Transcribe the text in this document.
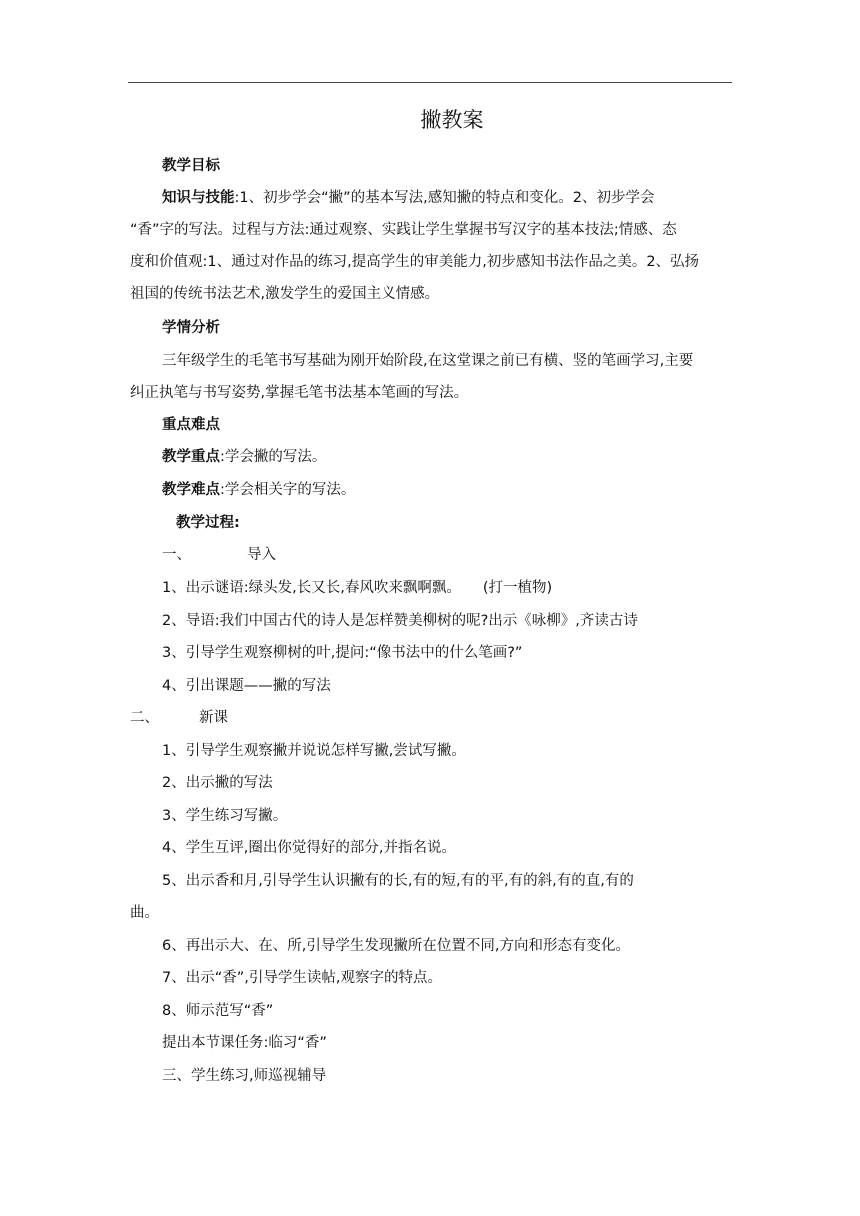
撇教案
教学目标
知识与技能:1、初步学会“撇”的基本写法,感知撇的特点和变化。2、初步学会
“香”字的写法。过程与方法:通过观察、实践让学生掌握书写汉字的基本技法;情感、态
度和价值观:1、通过对作品的练习,提高学生的审美能力,初步感知书法作品之美。2、弘扬
祖国的传统书法艺术,激发学生的爱国主义情感。
学情分析
三年级学生的毛笔书写基础为刚开始阶段,在这堂课之前已有横、竖的笔画学习,主要
纠正执笔与书写姿势,掌握毛笔书法基本笔画的写法。
重点难点
教学重点:学会撇的写法。
教学难点:学会相关字的写法。
教学过程:
一、	导入
1、出示谜语:绿头发,长又长,春风吹来飘啊飘。 (打一植物)
2、导语:我们中国古代的诗人是怎样赞美柳树的呢?出示《咏柳》,齐读古诗
3、引导学生观察柳树的叶,提问:“像书法中的什么笔画?”
4、引出课题——撇的写法
二、	新课
1、引导学生观察撇并说说怎样写撇,尝试写撇。
2、出示撇的写法
3、学生练习写撇。
4、学生互评,圈出你觉得好的部分,并指名说。
5、出示香和月,引导学生认识撇有的长,有的短,有的平,有的斜,有的直,有的
曲。
6、再出示大、在、所,引导学生发现撇所在位置不同,方向和形态有变化。
7、出示“香”,引导学生读帖,观察字的特点。
8、师示范写“香”
提出本节课任务:临习“香”
三、学生练习,师巡视辅导
